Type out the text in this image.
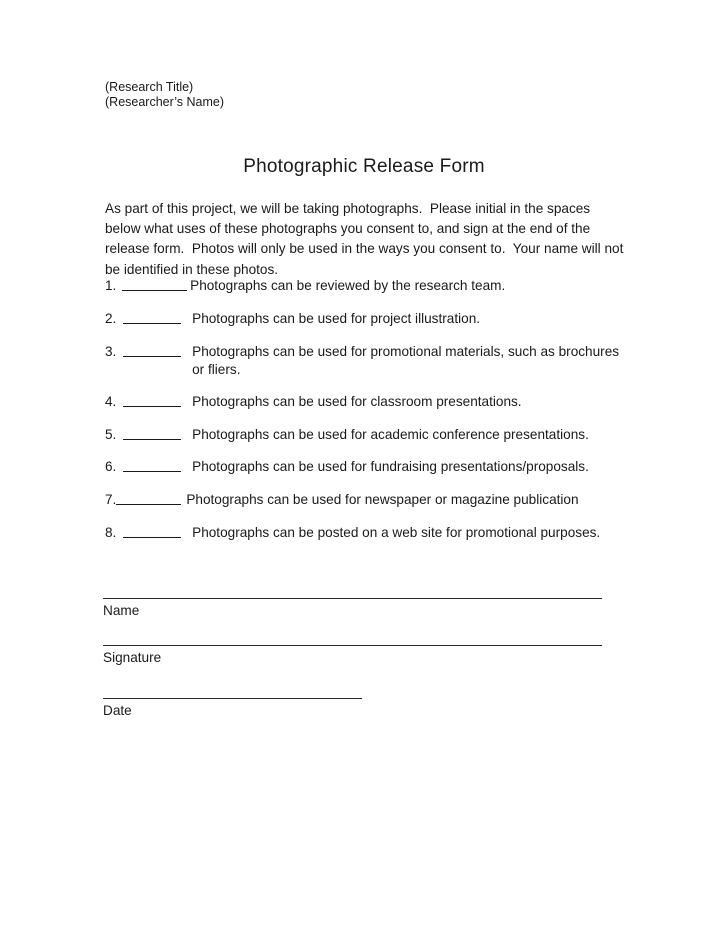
(Research Title)
(Researcher’s Name)
Photographic Release Form
As part of this project, we will be taking photographs.  Please initial in the spaces below what uses of these photographs you consent to, and sign at the end of the release form.  Photos will only be used in the ways you consent to.  Your name will not be identified in these photos.
1.	Photographs can be reviewed by the research team.
2.	Photographs can be used for project illustration.
3.	Photographs can be used for promotional materials, such as brochures or fliers.
4.	Photographs can be used for classroom presentations.
5.	Photographs can be used for academic conference presentations.
6.	Photographs can be used for fundraising presentations/proposals.
7.	Photographs can be used for newspaper or magazine publication
8.	Photographs can be posted on a web site for promotional purposes.
Name
Signature
Date
